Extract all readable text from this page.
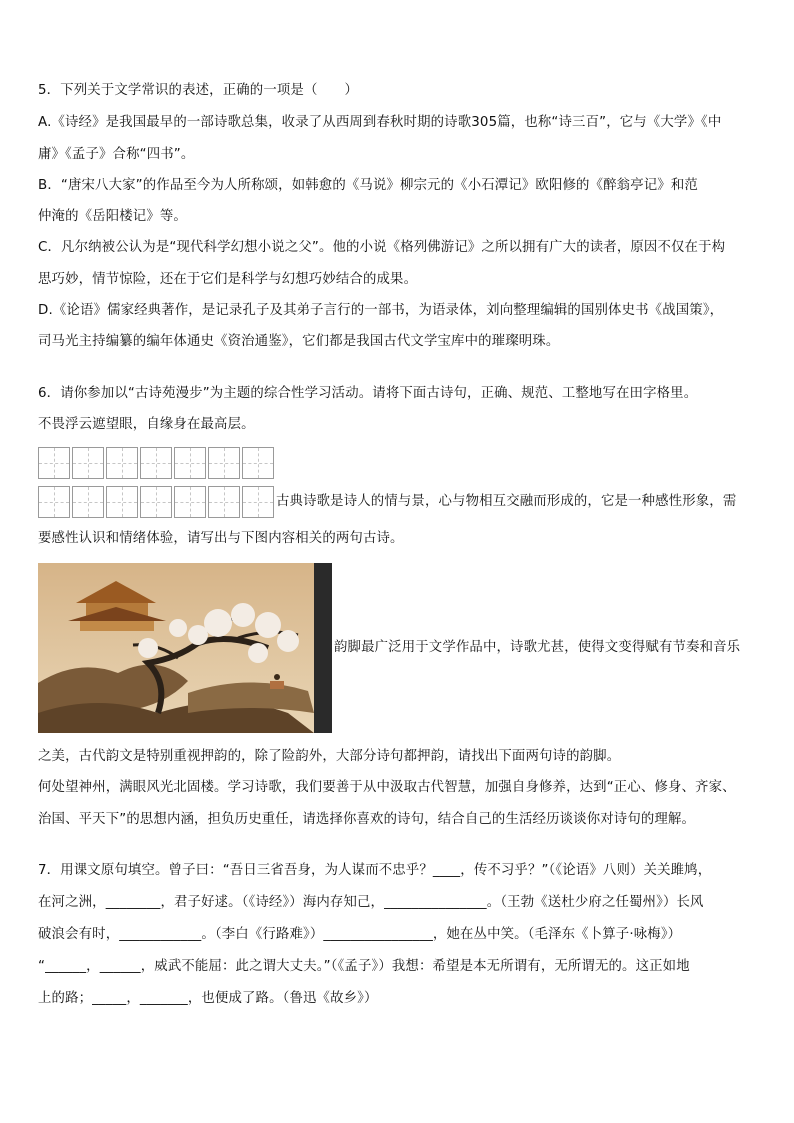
5．下列关于文学常识的表述，正确的一项是（　　）
A.《诗经》是我国最早的一部诗歌总集，收录了从西周到春秋时期的诗歌305篇，也称“诗三百”，它与《大学》《中
庸》《孟子》合称“四书”。
B．“唐宋八大家”的作品至今为人所称颂，如韩愈的《马说》柳宗元的《小石潭记》欧阳修的《醉翁亭记》和范
仲淹的《岳阳楼记》等。
C．凡尔纳被公认为是“现代科学幻想小说之父”。他的小说《格列佛游记》之所以拥有广大的读者，原因不仅在于构
思巧妙，情节惊险，还在于它们是科学与幻想巧妙结合的成果。
D.《论语》儒家经典著作，是记录孔子及其弟子言行的一部书，为语录体，刘向整理编辑的国别体史书《战国策》，
司马光主持编纂的编年体通史《资治通鉴》，它们都是我国古代文学宝库中的璀璨明珠。
6．请你参加以“古诗苑漫步”为主题的综合性学习活动。请将下面古诗句，正确、规范、工整地写在田字格里。
不畏浮云遮望眼，自缘身在最高层。
古典诗歌是诗人的情与景，心与物相互交融而形成的，它是一种感性形象，需
要感性认识和情绪体验，请写出与下图内容相关的两句古诗。
韵脚最广泛用于文学作品中，诗歌尤甚，使得文变得赋有节奏和音乐
之美，古代韵文是特别重视押韵的，除了险韵外，大部分诗句都押韵，请找出下面两句诗的韵脚。
何处望神州，满眼风光北固楼。学习诗歌，我们要善于从中汲取古代智慧，加强自身修养，达到“正心、修身、齐家、
治国、平天下”的思想内涵，担负历史重任，请选择你喜欢的诗句，结合自己的生活经历谈谈你对诗句的理解。
7．用课文原句填空。曾子曰：“吾日三省吾身，为人谋而不忠乎？____，传不习乎？”（《论语》八则）关关雎鸠，
在河之洲，________，君子好逑。（《诗经》）海内存知己，_______________。（王勃《送杜少府之任蜀州》）长风
破浪会有时，____________。（李白《行路难》）________________，她在丛中笑。（毛泽东《卜算子·咏梅》）
“______，______，威武不能屈：此之谓大丈夫。”（《孟子》）我想：希望是本无所谓有，无所谓无的。这正如地
上的路；_____，_______，也便成了路。（鲁迅《故乡》）
